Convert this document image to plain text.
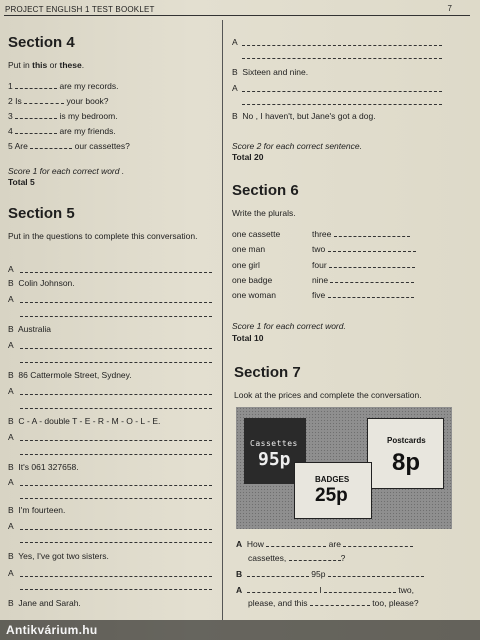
PROJECT ENGLISH 1 TEST BOOKLET	7
Section 4
Put in this or these.
1	are my records.
2 Is	your book?
3	is my bedroom.
4	are my friends.
5 Are	our cassettes?
Score 1 for each correct word .
Total 5
Section 5
Put in the questions to complete this conversation.
A
B Colin Johnson.
A
B Australia
A
B 86 Cattermole Street, Sydney.
A
B C - A - double T - E - R - M - O - L - E.
A
B It's 061 327658.
A
B I'm fourteen.
A
B Yes, I've got two sisters.
A
B Jane and Sarah.
A
B Sixteen and nine.
A
B No , I haven't, but Jane's got a dog.
Score 2 for each correct sentence.
Total 20
Section 6
Write the plurals.
one cassette	three
one man	two
one girl	four
one badge	nine
one woman	five
Score 1 for each correct word.
Total 10
Section 7
Look at the prices and complete the conversation.
Cassettes
95p
Postcards
8p
BADGES
25p
A How	are
cassettes,	?
B	95p
A	I	two,
please, and this	too, please?
Antikvárium.hu
